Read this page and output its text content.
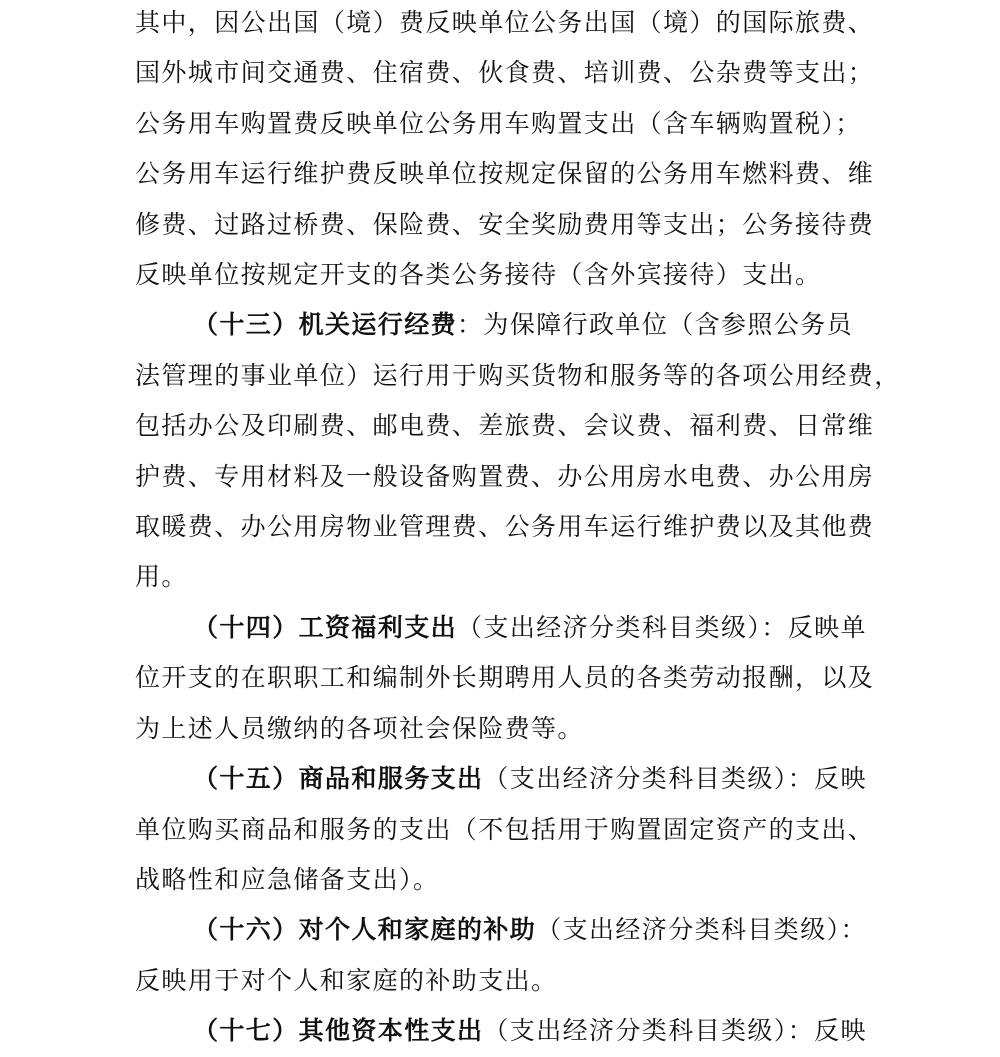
其中，因公出国（境）费反映单位公务出国（境）的国际旅费、
国外城市间交通费、住宿费、伙食费、培训费、公杂费等支出；
公务用车购置费反映单位公务用车购置支出（含车辆购置税）；
公务用车运行维护费反映单位按规定保留的公务用车燃料费、维
修费、过路过桥费、保险费、安全奖励费用等支出；公务接待费
反映单位按规定开支的各类公务接待（含外宾接待）支出。

（十三）机关运行经费：为保障行政单位（含参照公务员
法管理的事业单位）运行用于购买货物和服务等的各项公用经费，
包括办公及印刷费、邮电费、差旅费、会议费、福利费、日常维
护费、专用材料及一般设备购置费、办公用房水电费、办公用房
取暖费、办公用房物业管理费、公务用车运行维护费以及其他费
用。

（十四）工资福利支出（支出经济分类科目类级）：反映单
位开支的在职职工和编制外长期聘用人员的各类劳动报酬，以及
为上述人员缴纳的各项社会保险费等。

（十五）商品和服务支出（支出经济分类科目类级）：反映
单位购买商品和服务的支出（不包括用于购置固定资产的支出、
战略性和应急储备支出）。

（十六）对个人和家庭的补助（支出经济分类科目类级）：
反映用于对个人和家庭的补助支出。

（十七）其他资本性支出（支出经济分类科目类级）：反映
